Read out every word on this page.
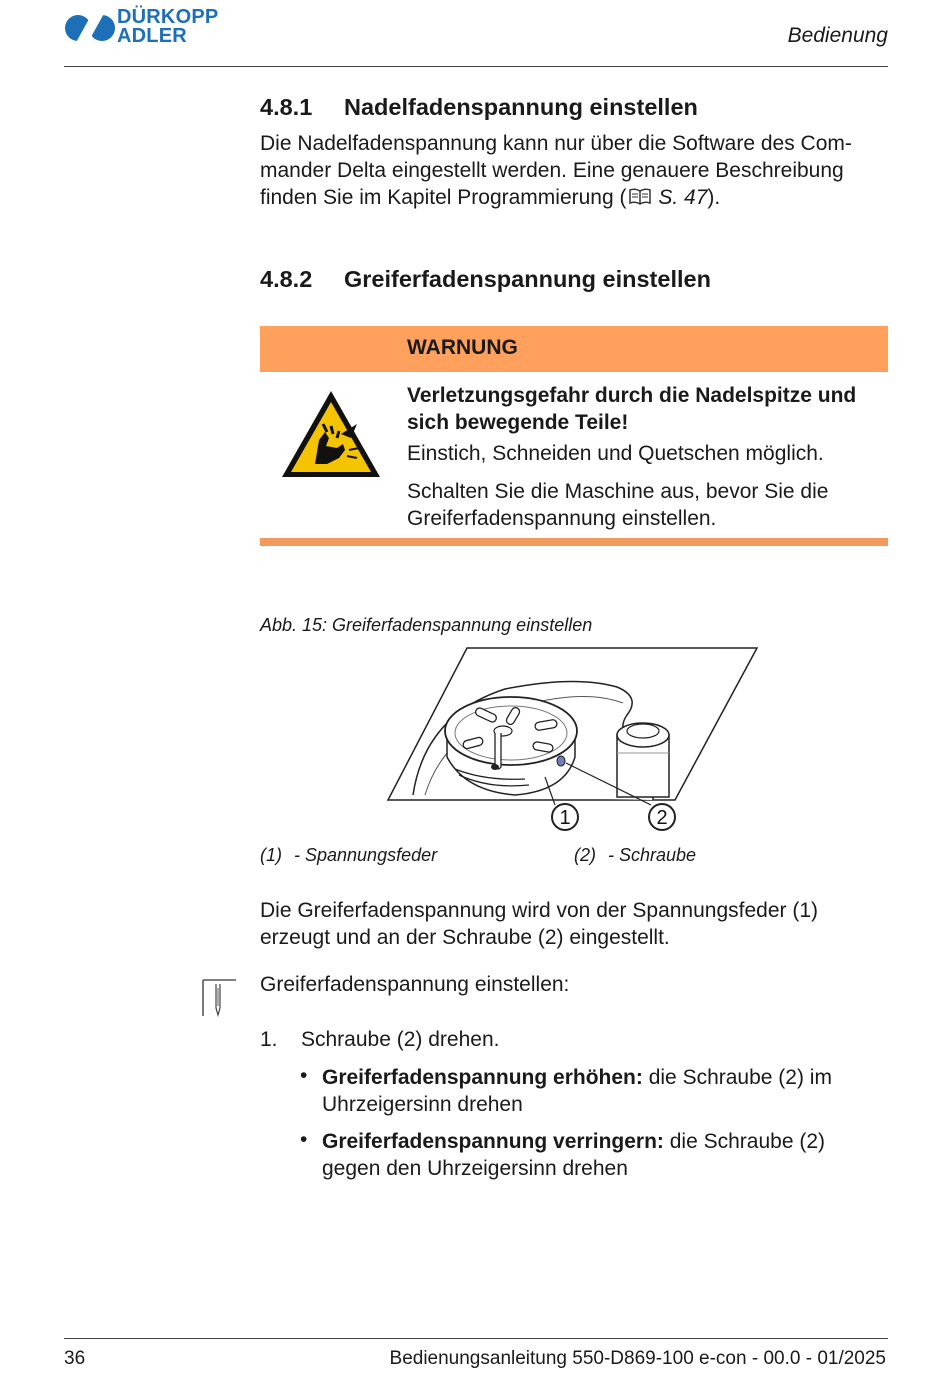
DÜRKOPP
ADLER	Bedienung
4.8.1 Nadelfadenspannung einstellen
Die Nadelfadenspannung kann nur über die Software des Com-
mander Delta eingestellt werden. Eine genauere Beschreibung
finden Sie im Kapitel Programmierung ( S. 47).
4.8.2 Greiferfadenspannung einstellen
WARNUNG
Verletzungsgefahr durch die Nadelspitze und
sich bewegende Teile!
Einstich, Schneiden und Quetschen möglich.
Schalten Sie die Maschine aus, bevor Sie die
Greiferfadenspannung einstellen.
Abb. 15: Greiferfadenspannung einstellen
1	2
(1) - Spannungsfeder	(2) - Schraube
Die Greiferfadenspannung wird von der Spannungsfeder (1)
erzeugt und an der Schraube (2) eingestellt.
Greiferfadenspannung einstellen:
1. Schraube (2) drehen.
• Greiferfadenspannung erhöhen: die Schraube (2) im
Uhrzeigersinn drehen
• Greiferfadenspannung verringern: die Schraube (2)
gegen den Uhrzeigersinn drehen
36	Bedienungsanleitung 550-D869-100 e-con - 00.0 - 01/2025
